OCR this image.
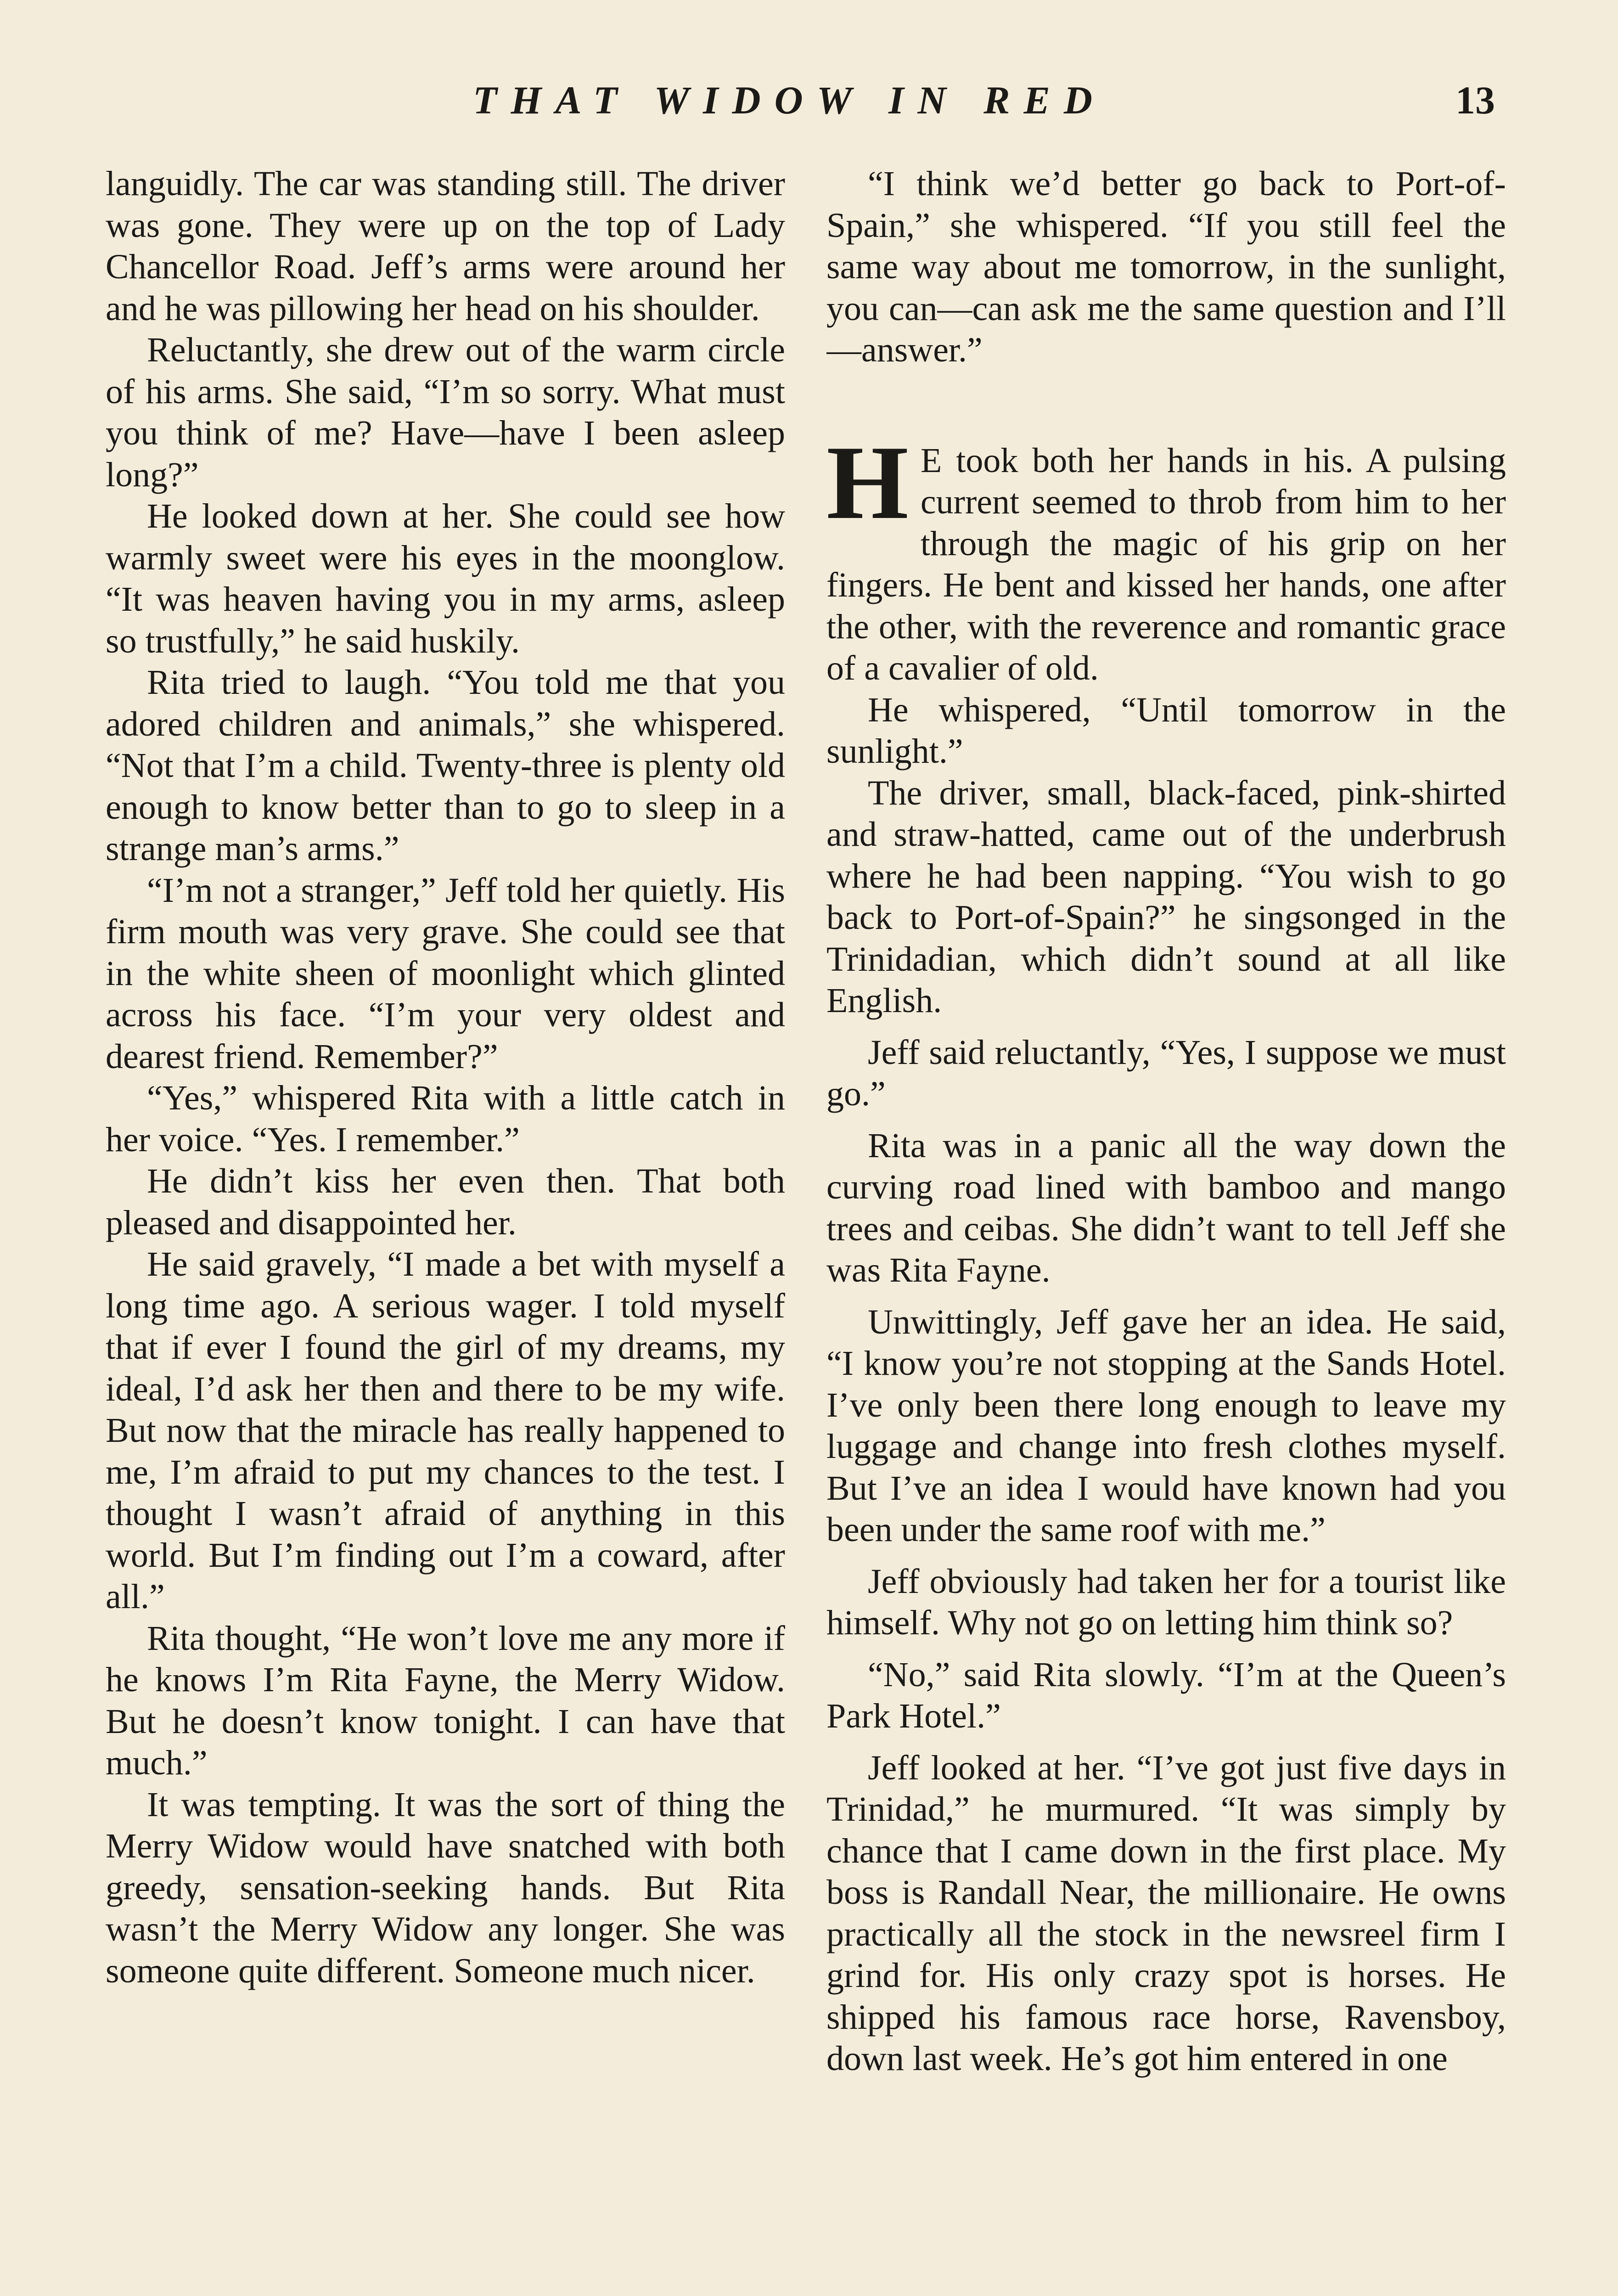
THAT WIDOW IN RED	13

languidly. The car was standing still. The driver was gone. They were up on the top of Lady Chancellor Road. Jeff’s arms were around her and he was pillowing her head on his shoulder.

Reluctantly, she drew out of the warm circle of his arms. She said, “I’m so sorry. What must you think of me? Have—have I been asleep long?”

He looked down at her. She could see how warmly sweet were his eyes in the moonglow. “It was heaven having you in my arms, asleep so trustfully,” he said huskily.

Rita tried to laugh. “You told me that you adored children and animals,” she whispered. “Not that I’m a child. Twenty-three is plenty old enough to know better than to go to sleep in a strange man’s arms.”

“I’m not a stranger,” Jeff told her quietly. His firm mouth was very grave. She could see that in the white sheen of moonlight which glinted across his face. “I’m your very oldest and dearest friend. Remember?”

“Yes,” whispered Rita with a little catch in her voice. “Yes. I remember.”

He didn’t kiss her even then. That both pleased and disappointed her.

He said gravely, “I made a bet with myself a long time ago. A serious wager. I told myself that if ever I found the girl of my dreams, my ideal, I’d ask her then and there to be my wife. But now that the miracle has really happened to me, I’m afraid to put my chances to the test. I thought I wasn’t afraid of anything in this world. But I’m finding out I’m a coward, after all.”

Rita thought, “He won’t love me any more if he knows I’m Rita Fayne, the Merry Widow. But he doesn’t know tonight. I can have that much.”

It was tempting. It was the sort of thing the Merry Widow would have snatched with both greedy, sensation-seeking hands. But Rita wasn’t the Merry Widow any longer. She was someone quite different. Someone much nicer.

“I think we’d better go back to Port-of-Spain,” she whispered. “If you still feel the same way about me tomorrow, in the sunlight, you can—can ask me the same question and I’ll—answer.”

H E took both her hands in his. A pulsing current seemed to throb from him to her through the magic of his grip on her fingers. He bent and kissed her hands, one after the other, with the reverence and romantic grace of a cavalier of old.

He whispered, “Until tomorrow in the sunlight.”

The driver, small, black-faced, pink-shirted and straw-hatted, came out of the underbrush where he had been napping. “You wish to go back to Port-of-Spain?” he singsonged in the Trinidadian, which didn’t sound at all like English.

Jeff said reluctantly, “Yes, I suppose we must go.”

Rita was in a panic all the way down the curving road lined with bamboo and mango trees and ceibas. She didn’t want to tell Jeff she was Rita Fayne.

Unwittingly, Jeff gave her an idea. He said, “I know you’re not stopping at the Sands Hotel. I’ve only been there long enough to leave my luggage and change into fresh clothes myself. But I’ve an idea I would have known had you been under the same roof with me.”

Jeff obviously had taken her for a tourist like himself. Why not go on letting him think so?

“No,” said Rita slowly. “I’m at the Queen’s Park Hotel.”

Jeff looked at her. “I’ve got just five days in Trinidad,” he murmured. “It was simply by chance that I came down in the first place. My boss is Randall Near, the millionaire. He owns practically all the stock in the newsreel firm I grind for. His only crazy spot is horses. He shipped his famous race horse, Ravensboy, down last week. He’s got him entered in one
